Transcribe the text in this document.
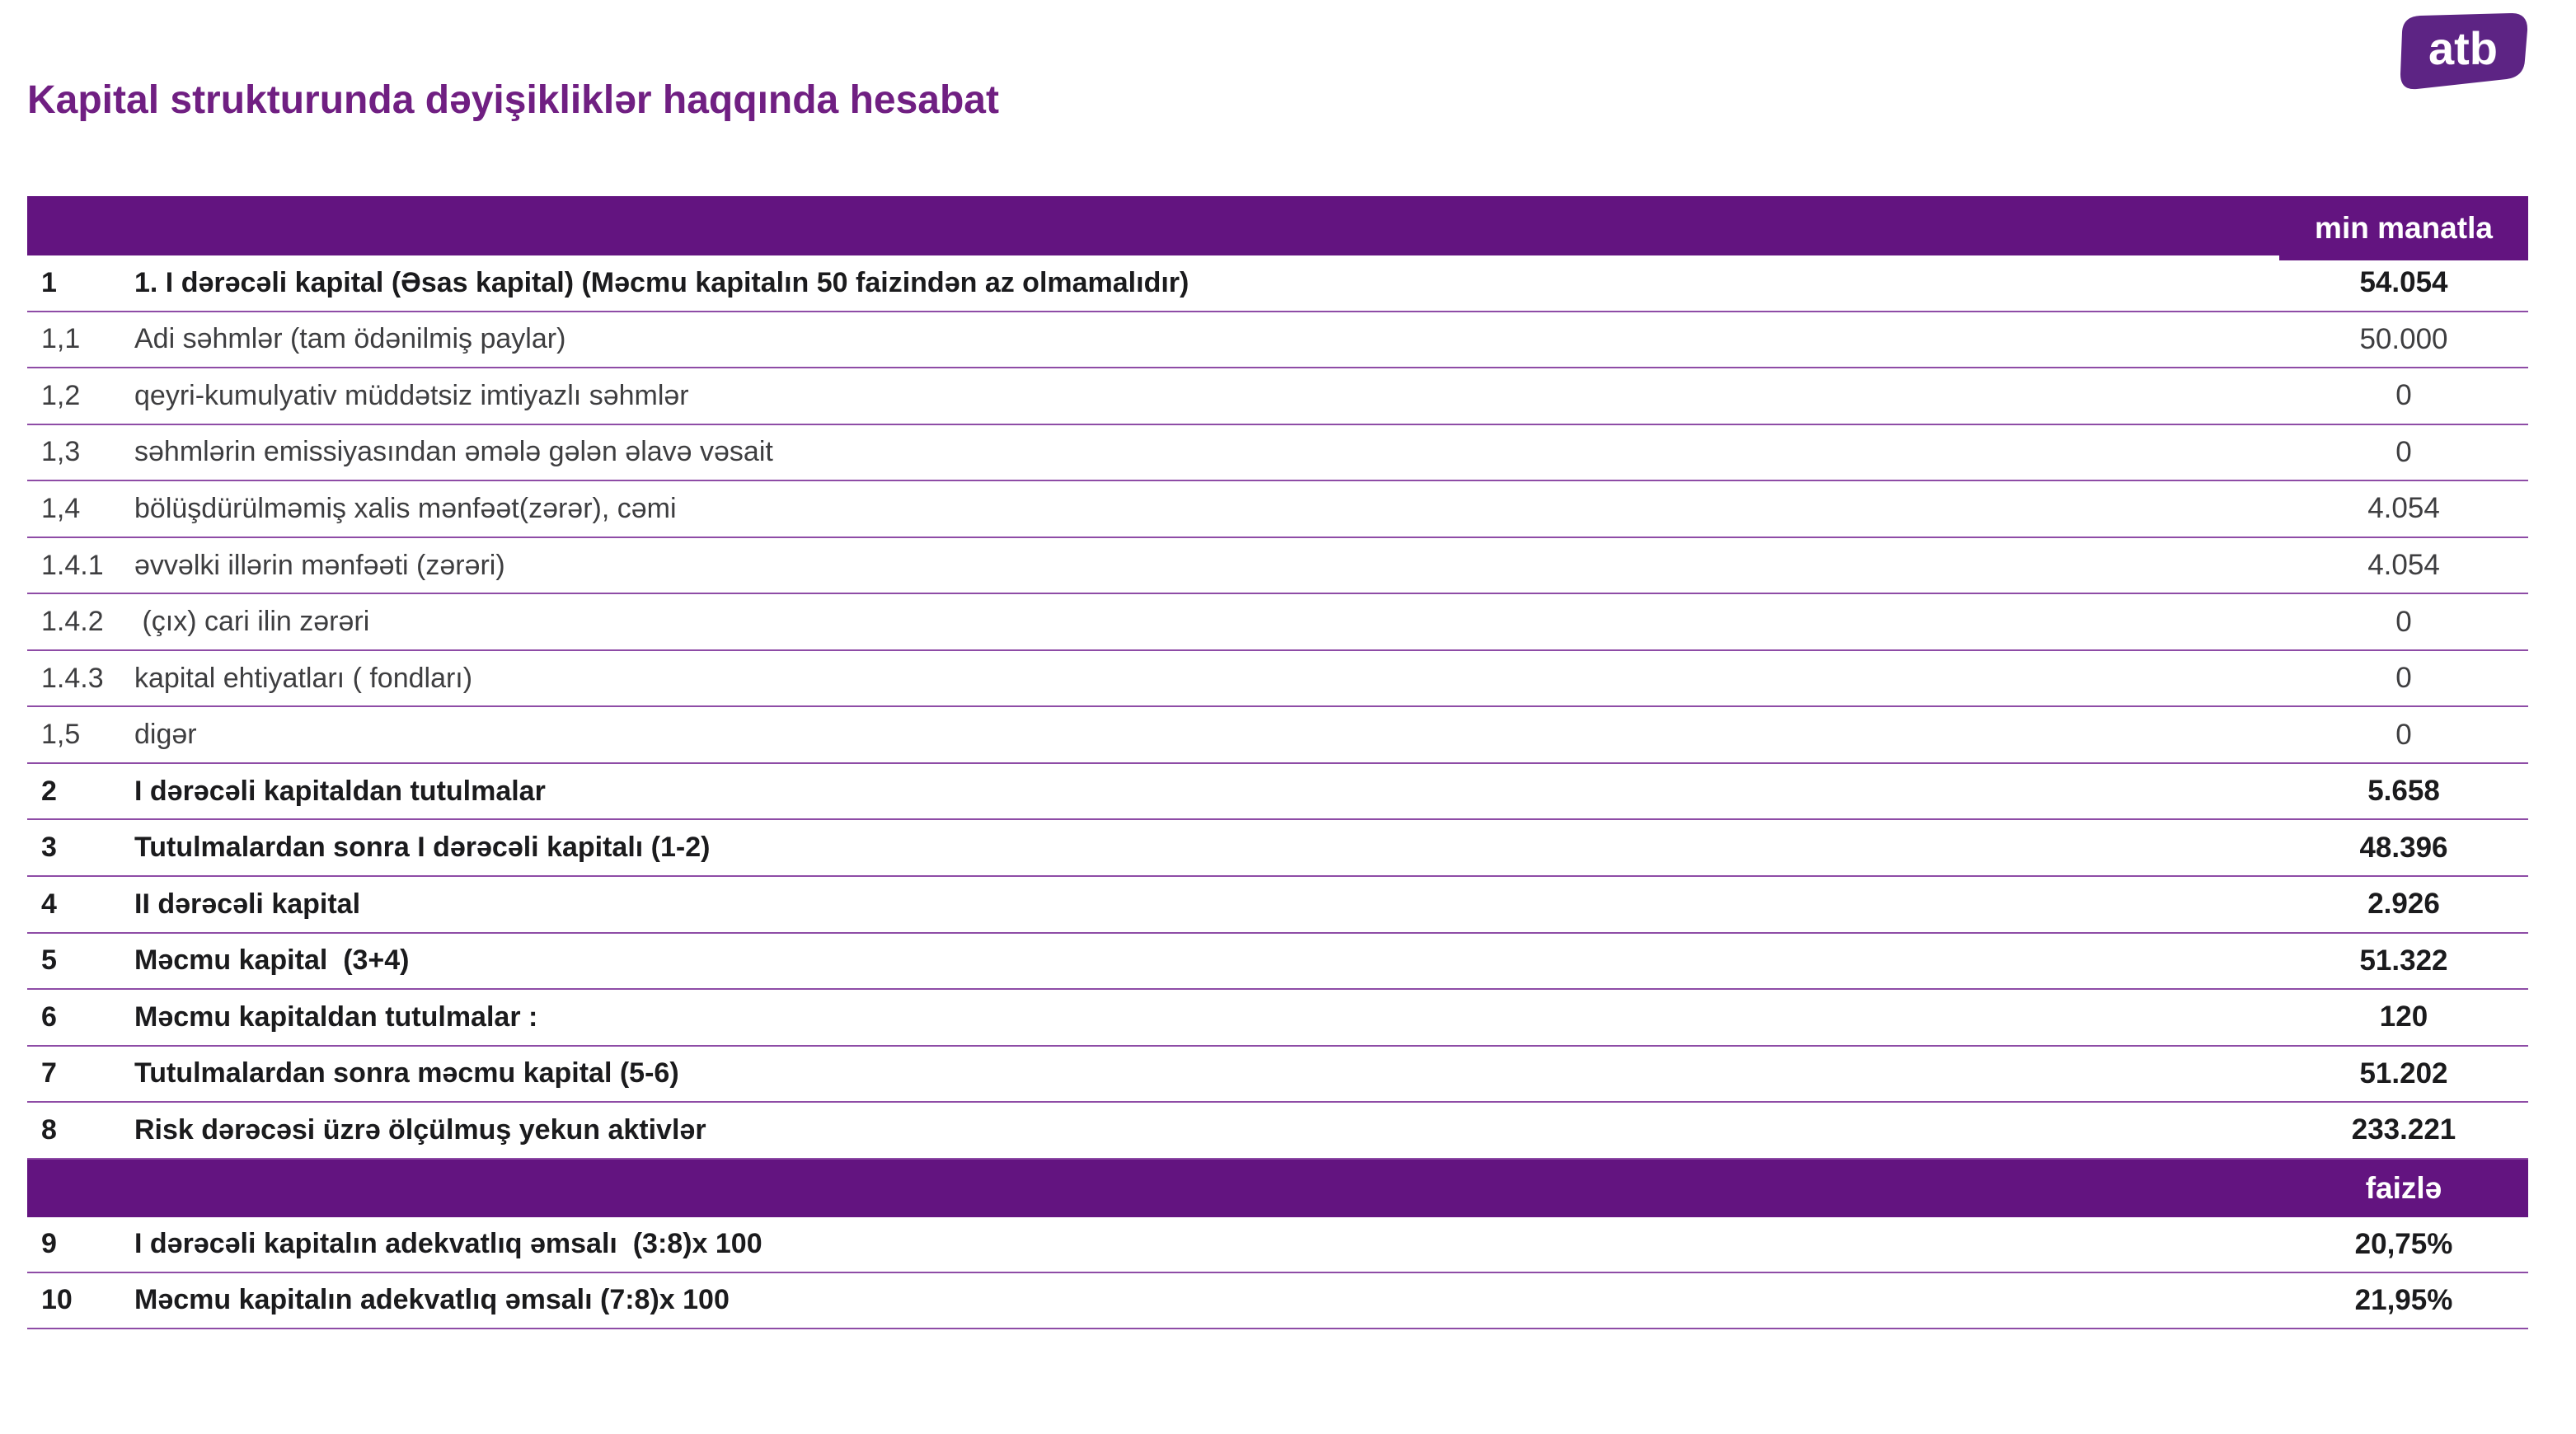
Kapital strukturunda dəyişikliklər haqqında hesabat
atb
min manatla
1	1. I dərəcəli kapital (Əsas kapital) (Məcmu kapitalın 50 faizindən az olmamalıdır)	54.054
1,1	Adi səhmlər (tam ödənilmiş paylar)	50.000
1,2	qeyri-kumulyativ müddətsiz imtiyazlı səhmlər	0
1,3	səhmlərin emissiyasından əmələ gələn əlavə vəsait	0
1,4	bölüşdürülməmiş xalis mənfəət(zərər), cəmi	4.054
1.4.1	əvvəlki illərin mənfəəti (zərəri)	4.054
1.4.2	(çıx) cari ilin zərəri	0
1.4.3	kapital ehtiyatları ( fondları)	0
1,5	digər	0
2	I dərəcəli kapitaldan tutulmalar	5.658
3	Tutulmalardan sonra I dərəcəli kapitalı (1-2)	48.396
4	II dərəcəli kapital	2.926
5	Məcmu kapital  (3+4)	51.322
6	Məcmu kapitaldan tutulmalar :	120
7	Tutulmalardan sonra məcmu kapital (5-6)	51.202
8	Risk dərəcəsi üzrə ölçülmuş yekun aktivlər	233.221
faizlə
9	I dərəcəli kapitalın adekvatlıq əmsalı  (3:8)x 100	20,75%
10	Məcmu kapitalın adekvatlıq əmsalı (7:8)x 100	21,95%
